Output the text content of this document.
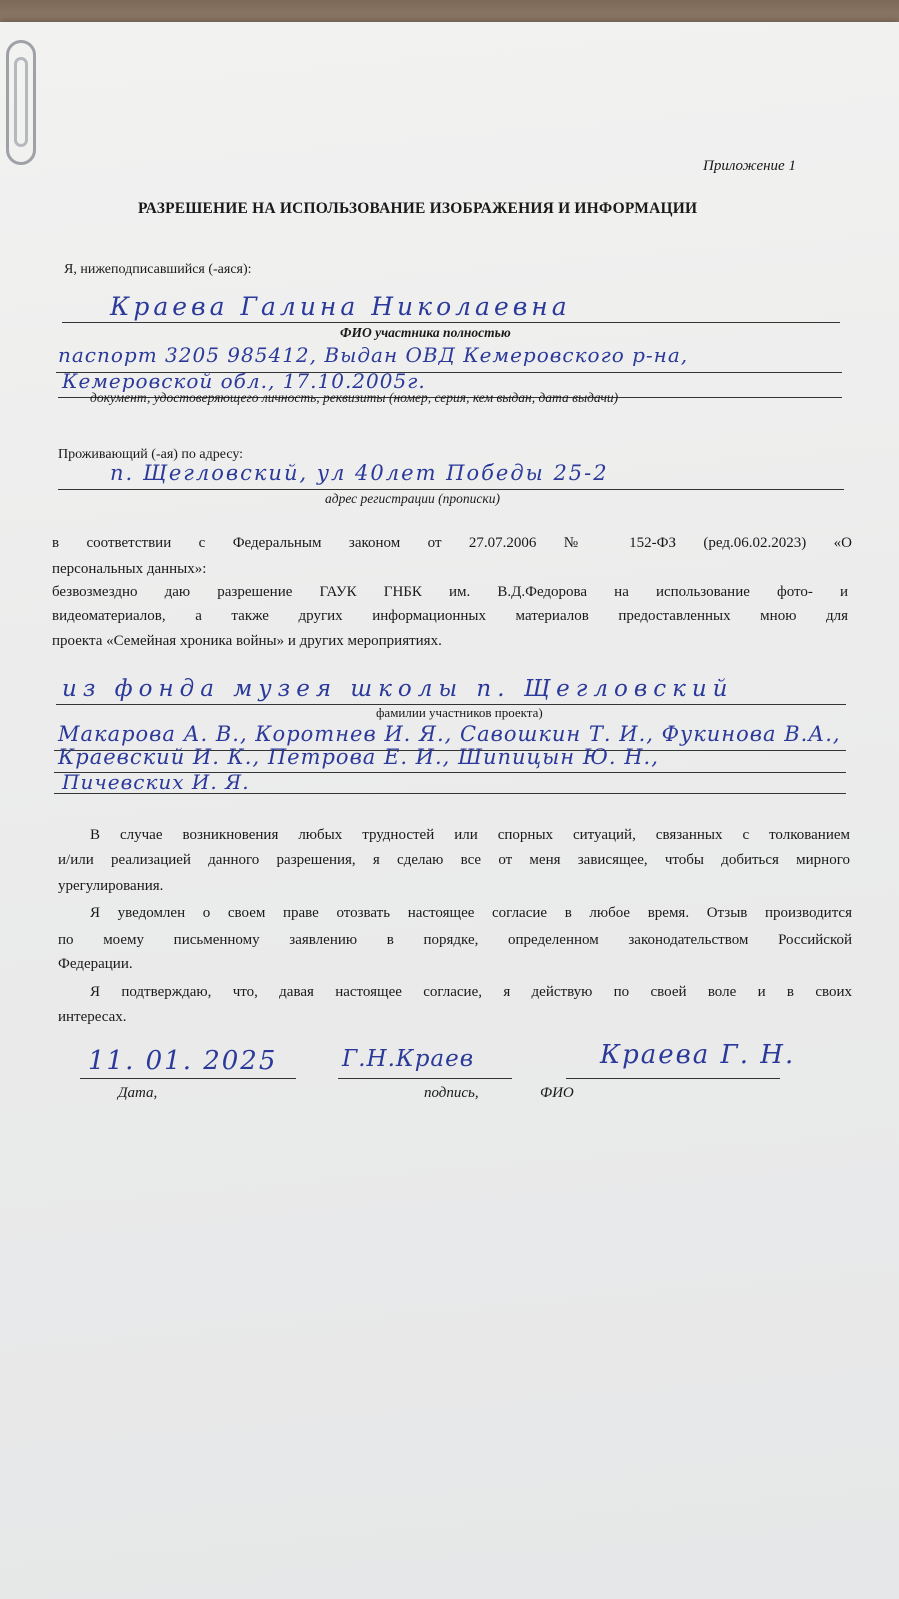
Приложение 1
РАЗРЕШЕНИЕ НА ИСПОЛЬЗОВАНИЕ ИЗОБРАЖЕНИЯ И ИНФОРМАЦИИ
Я, нижеподписавшийся (-аяся):
Краева Галина Николаевна
ФИО участника полностью
паспорт 3205 985412, Выдан ОВД Кемеровского р-на,
Кемеровской обл., 17.10.2005г.
документ, удостоверяющего личность, реквизиты (номер, серия, кем выдан, дата выдачи)
Проживающий (-ая) по адресу:
п. Щегловский, ул 40лет Победы 25-2
адрес регистрации (прописки)
в соответствии с Федеральным законом от 27.07.2006 № 152-ФЗ (ред.06.02.2023) «О
персональных данных»:
безвозмездно даю разрешение ГАУК ГНБК им. В.Д.Федорова на использование фото- и
видеоматериалов, а также других информационных материалов предоставленных мною для
проекта «Семейная хроника войны» и других мероприятиях.
из фонда музея школы п. Щегловский
фамилии участников проекта)
Макарова А. В., Коротнев И. Я., Савошкин Т. И., Фукинова В.А.,
Краевский И. К., Петрова Е. И., Шипицын Ю. Н.,
Пичевских И. Я.
В случае возникновения любых трудностей или спорных ситуаций, связанных с толкованием
и/или реализацией данного разрешения, я сделаю все от меня зависящее, чтобы добиться мирного
урегулирования.
Я уведомлен о своем праве отозвать настоящее согласие в любое время. Отзыв производится
по моему письменному заявлению в порядке, определенном законодательством Российской
Федерации.
Я подтверждаю, что, давая настоящее согласие, я действую по своей воле и в своих
интересах.
11. 01. 2025
Дата,
Г.Н.Краев
подпись,
Краева Г. Н.
ФИО
